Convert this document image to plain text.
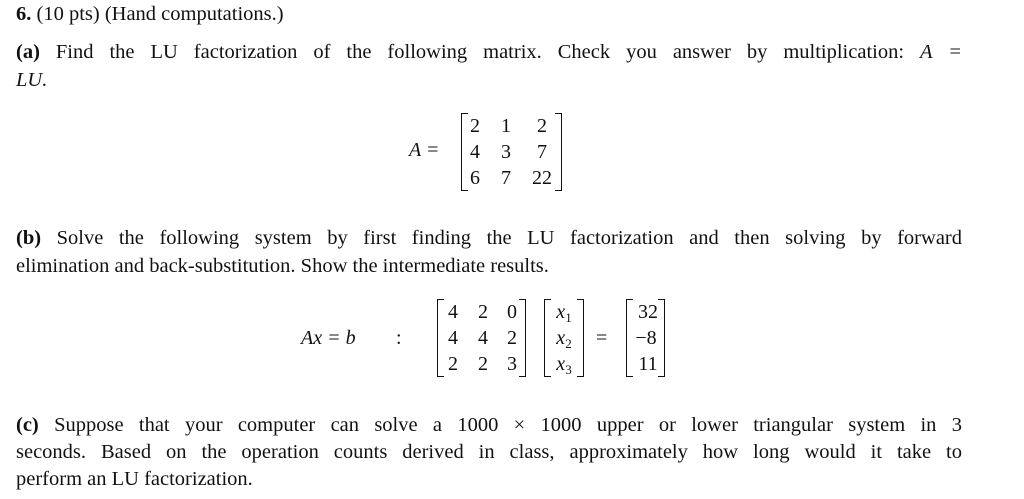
6. (10 pts) (Hand computations.)
(a) Find the LU factorization of the following matrix. Check you answer by multiplication: A =
LU.
A =
2	1	2
4	3	7
6	7	22
(b) Solve the following system by first finding the LU factorization and then solving by forward
elimination and back-substitution. Show the intermediate results.
Ax = b :
4	2 0
4	4 2
2	2 3
$x_1$
$x_2$
$x_3$
=
32
−8
11
(c) Suppose that your computer can solve a 1000 × 1000 upper or lower triangular system in 3
seconds. Based on the operation counts derived in class, approximately how long would it take to
perform an LU factorization.
